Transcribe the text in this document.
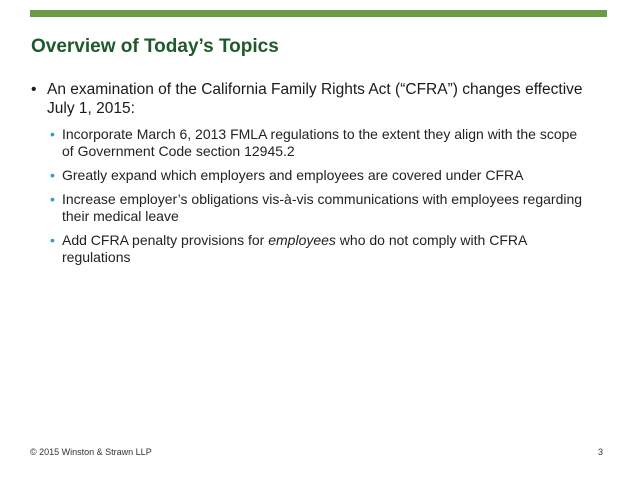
Overview of Today’s Topics
• An examination of the California Family Rights Act (“CFRA”) changes effective July 1, 2015:
• Incorporate March 6, 2013 FMLA regulations to the extent they align with the scope of Government Code section 12945.2
• Greatly expand which employers and employees are covered under CFRA
• Increase employer’s obligations vis-à-vis communications with employees regarding their medical leave
• Add CFRA penalty provisions for employees who do not comply with CFRA regulations
© 2015 Winston & Strawn LLP	3
